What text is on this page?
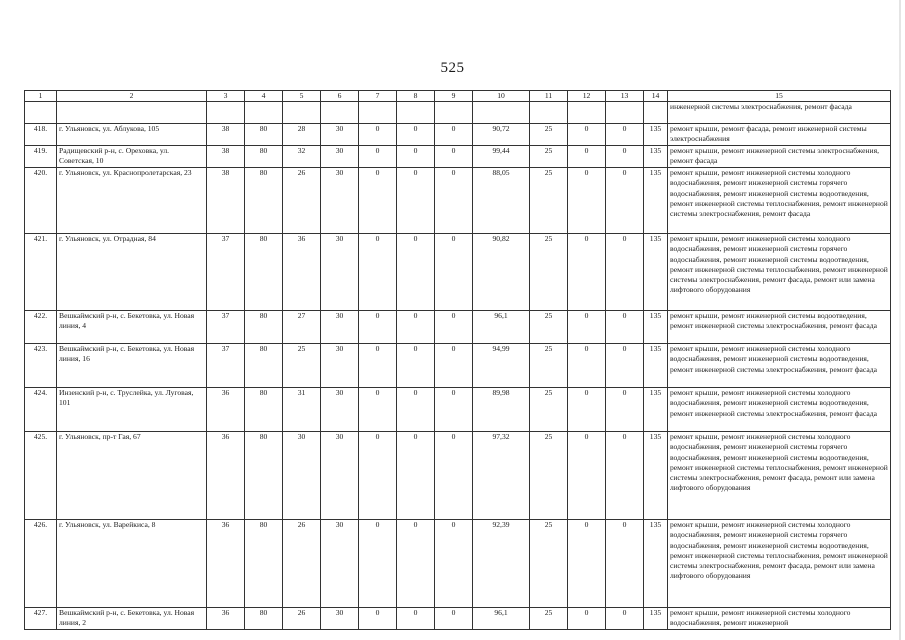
525
1	2	3	4	5	6	7	8	9	10	11	12	13	14	15
														инженерной системы электроснабжения, ремонт фасада
418.	г. Ульяновск, ул. Аблукова, 105	38	80	28	30	0	0	0	90,72	25	0	0	135	ремонт крыши, ремонт фасада, ремонт инженерной системы электроснабжения
419.	Радищевский р-н, с. Ореховка, ул. Советская, 10	38	80	32	30	0	0	0	99,44	25	0	0	135	ремонт крыши, ремонт инженерной системы электроснабжения, ремонт фасада
420.	г. Ульяновск, ул. Краснопролетарская, 23	38	80	26	30	0	0	0	88,05	25	0	0	135	ремонт крыши, ремонт инженерной системы холодного водоснабжения, ремонт инженерной системы горячего водоснабжения, ремонт инженерной системы водоотведения, ремонт инженерной системы теплоснабжения, ремонт инженерной системы электроснабжения, ремонт фасада
421.	г. Ульяновск, ул. Отрадная, 84	37	80	36	30	0	0	0	90,82	25	0	0	135	ремонт крыши, ремонт инженерной системы холодного водоснабжения, ремонт инженерной системы горячего водоснабжения, ремонт инженерной системы водоотведения, ремонт инженерной системы теплоснабжения, ремонт инженерной системы электроснабжения, ремонт фасада, ремонт или замена лифтового оборудования
422.	Вешкаймский р-н, с. Бекетовка, ул. Новая линия, 4	37	80	27	30	0	0	0	96,1	25	0	0	135	ремонт крыши, ремонт инженерной системы водоотведения, ремонт инженерной системы электроснабжения, ремонт фасада
423.	Вешкаймский р-н, с. Бекетовка, ул. Новая линия, 16	37	80	25	30	0	0	0	94,99	25	0	0	135	ремонт крыши, ремонт инженерной системы холодного водоснабжения, ремонт инженерной системы водоотведения, ремонт инженерной системы электроснабжения, ремонт фасада
424.	Инзенский р-н, с. Труслейка, ул. Луговая, 101	36	80	31	30	0	0	0	89,98	25	0	0	135	ремонт крыши, ремонт инженерной системы холодного водоснабжения, ремонт инженерной системы водоотведения, ремонт инженерной системы электроснабжения, ремонт фасада
425.	г. Ульяновск, пр-т Гая, 67	36	80	30	30	0	0	0	97,32	25	0	0	135	ремонт крыши, ремонт инженерной системы холодного водоснабжения, ремонт инженерной системы горячего водоснабжения, ремонт инженерной системы водоотведения, ремонт инженерной системы теплоснабжения, ремонт инженерной системы электроснабжения, ремонт фасада, ремонт или замена лифтового оборудования
426.	г. Ульяновск, ул. Варейкиса, 8	36	80	26	30	0	0	0	92,39	25	0	0	135	ремонт крыши, ремонт инженерной системы холодного водоснабжения, ремонт инженерной системы горячего водоснабжения, ремонт инженерной системы водоотведения, ремонт инженерной системы теплоснабжения, ремонт инженерной системы электроснабжения, ремонт фасада, ремонт или замена лифтового оборудования
427.	Вешкаймский р-н, с. Бекетовка, ул. Новая линия, 2	36	80	26	30	0	0	0	96,1	25	0	0	135	ремонт крыши, ремонт инженерной системы холодного водоснабжения, ремонт инженерной
